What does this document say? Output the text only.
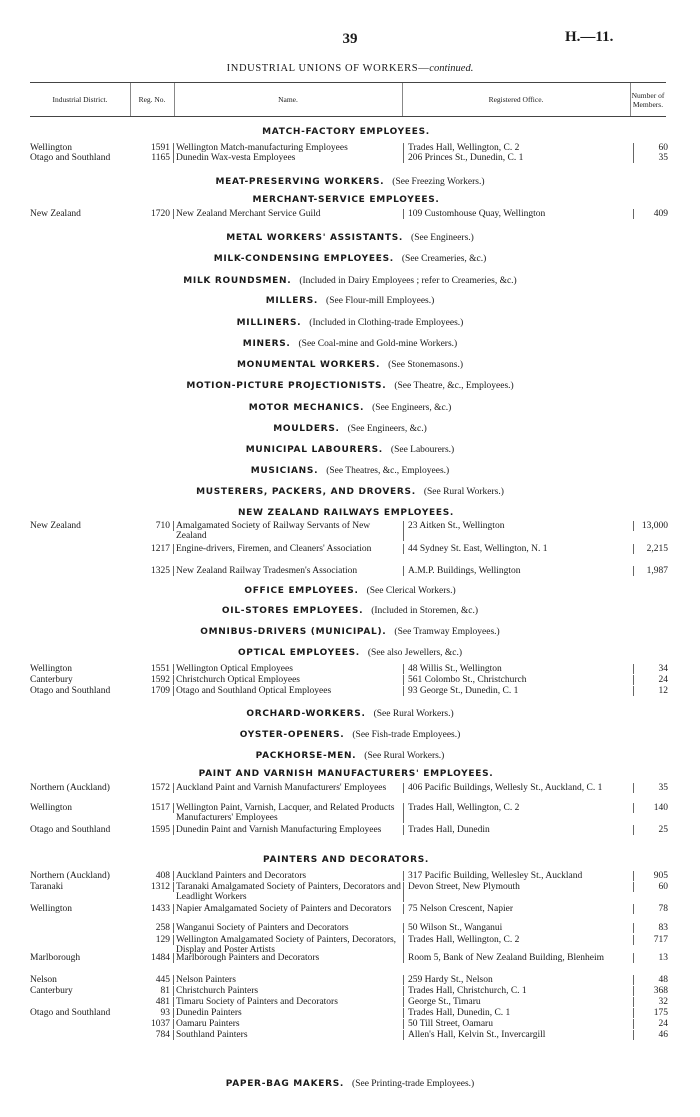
39	H.—11.
INDUSTRIAL UNIONS OF WORKERS—continued.
Industrial District.	Reg. No.	Name.	Registered Office.	Number of Members.
MATCH-FACTORY EMPLOYEES.
MEAT-PRESERVING WORKERS. (See Freezing Workers.)
MERCHANT-SERVICE EMPLOYEES.
METAL WORKERS' ASSISTANTS. (See Engineers.)
MILK-CONDENSING EMPLOYEES. (See Creameries, &c.)
MILK ROUNDSMEN. (Included in Dairy Employees ; refer to Creameries, &c.)
MILLERS. (See Flour-mill Employees.)
MILLINERS. (Included in Clothing-trade Employees.)
MINERS. (See Coal-mine and Gold-mine Workers.)
MONUMENTAL WORKERS. (See Stonemasons.)
MOTION-PICTURE PROJECTIONISTS. (See Theatre, &c., Employees.)
MOTOR MECHANICS. (See Engineers, &c.)
MOULDERS. (See Engineers, &c.)
MUNICIPAL LABOURERS. (See Labourers.)
MUSICIANS. (See Theatres, &c., Employees.)
MUSTERERS, PACKERS, AND DROVERS. (See Rural Workers.)
NEW ZEALAND RAILWAYS EMPLOYEES.
OFFICE EMPLOYEES. (See Clerical Workers.)
OIL-STORES EMPLOYEES. (Included in Storemen, &c.)
OMNIBUS-DRIVERS (MUNICIPAL). (See Tramway Employees.)
OPTICAL EMPLOYEES. (See also Jewellers, &c.)
ORCHARD-WORKERS. (See Rural Workers.)
OYSTER-OPENERS. (See Fish-trade Employees.)
PACKHORSE-MEN. (See Rural Workers.)
PAINT AND VARNISH MANUFACTURERS' EMPLOYEES.
PAINTERS AND DECORATORS.
PAPER-BAG MAKERS. (See Printing-trade Employees.)
Wellington	1591 Wellington Match-manufacturing Employees	Trades Hall, Wellington, C. 2	60
Otago and Southland	1165 Dunedin Wax-vesta Employees	206 Princes St., Dunedin, C. 1	35
New Zealand	1720 New Zealand Merchant Service Guild	109 Customhouse Quay, Wellington	409
New Zealand	710 Amalgamated Society of Railway Servants of New Zealand
23 Aitken St., Wellington	13,000
1217 Engine-drivers, Firemen, and Cleaners' Association	44 Sydney St. East, Wellington, N. 1	2,215
1325 New Zealand Railway Tradesmen's Association	A.M.P. Buildings, Wellington	1,987
Wellington	1551 Wellington Optical Employees	48 Willis St., Wellington	34
Canterbury	1592 Christchurch Optical Employees	561 Colombo St., Christchurch	24
Otago and Southland	1709 Otago and Southland Optical Employees	93 George St., Dunedin, C. 1	12
Northern (Auckland)	1572 Auckland Paint and Varnish Manufacturers' Employees	406 Pacific Buildings, Wellesly St., Auckland, C. 1	35
Wellington	1517 Wellington Paint, Varnish, Lacquer, and Related Products Manufacturers' Employees
Trades Hall, Wellington, C. 2	140
Otago and Southland	1595 Dunedin Paint and Varnish Manufacturing Employees	Trades Hall, Dunedin	25
Northern (Auckland)	408 Auckland Painters and Decorators	317 Pacific Building, Wellesley St., Auckland	905
Taranaki	1312 Taranaki Amalgamated Society of Painters, Decorators and Leadlight Workers
Devon Street, New Plymouth	60
Wellington	1433 Napier Amalgamated Society of Painters and Decorators	75 Nelson Crescent, Napier	78
258 Wanganui Society of Painters and Decorators	50 Wilson St., Wanganui	83
129 Wellington Amalgamated Society of Painters, Decorators, Display and Poster Artists
Trades Hall, Wellington, C. 2	717
Marlborough	1484 Marlborough Painters and Decorators	Room 5, Bank of New Zealand Building, Blenheim	13
Nelson	445 Nelson Painters	259 Hardy St., Nelson	48
Canterbury	81 Christchurch Painters	Trades Hall, Christchurch, C. 1	368
481 Timaru Society of Painters and Decorators	George St., Timaru	32
Otago and Southland	93 Dunedin Painters	Trades Hall, Dunedin, C. 1	175
1037 Oamaru Painters	50 Till Street, Oamaru	24
784 Southland Painters	Allen's Hall, Kelvin St., Invercargill	46
